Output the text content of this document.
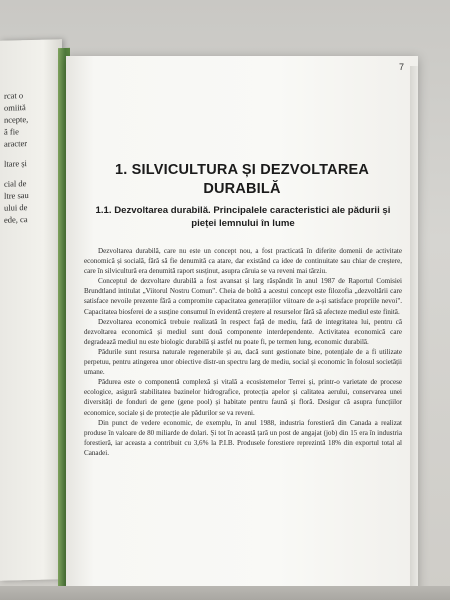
rcat o
omiită
ncepte,
ă fie
aracter
ltare și
cial de
ltre sau
ului de
ede, ca
7
1. SILVICULTURA ȘI DEZVOLTAREA DURABILĂ
1.1. Dezvoltarea durabilă. Principalele caracteristici ale pădurii și pieței lemnului în lume

Dezvoltarea durabilă, care nu este un concept nou, a fost practicată în diferite domenii de activitate economică și socială, fără să fie denumită ca atare, dar existând ca idee de continuitate sau chiar de creștere, care în silvicultură era denumită raport susținut, asupra căruia se va reveni mai târziu.

Conceptul de dezvoltare durabilă a fost avansat și larg răspândit în anul 1987 de Raportul Comisiei Brundtland intitulat „Viitorul Nostru Comun". Cheia de boltă a acestui concept este filozofia „dezvoltării care satisface nevoile prezente fără a compromite capacitatea generațiilor viitoare de a-și satisface propriile nevoi". Capacitatea biosferei de a susține consumul în evidentă creștere al resurselor fără să afecteze mediul este finită.

Dezvoltarea economică trebuie realizată în respect față de mediu, fată de integritatea lui, pentru că dezvoltarea economică și mediul sunt două componente interdependente. Activitatea economică care degradează mediul nu este biologic durabilă și astfel nu poate fi, pe termen lung, economic durabilă.

Pădurile sunt resursa naturale regenerabile și au, dacă sunt gestionate bine, potențiale de a fi utilizate perpetuu, pentru atingerea unor obiective distr-un spectru larg de mediu, social și economic în folosul societății umane.

Pădurea este o componentă complexă și vitală a ecosistemelor Terrei și, printr-o varietate de procese ecologice, asigură stabilitatea bazinelor hidrografice, protecția apelor și calitatea aerului, conservarea unei diversități de fonduri de gene (gene pool) și habitate pentru faună și floră. Desigur că asupra funcțiilor economice, sociale și de protecție ale pădurilor se va reveni.

Din punct de vedere economic, de exemplu, în anul 1988, industria forestieră din Canada a realizat produse în valoare de 80 miliarde de dolari. Și tot în această țară un post de angajat (job) din 15 era în industria forestieră, iar aceasta a contribuit cu 3,6% la P.I.B. Produsele forestiere reprezintă 18% din exportul total al Canadei.
